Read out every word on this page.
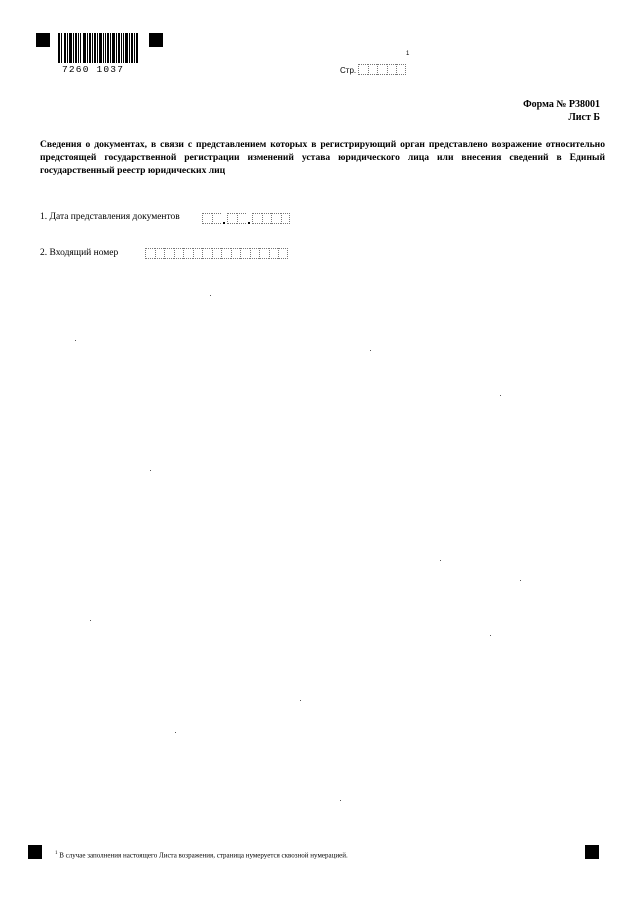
7260 1037	Стр.
1
Форма № Р38001
Лист Б
Сведения о документах, в связи с представлением которых в регистрирующий орган представлено возражение относительно предстоящей государственной регистрации изменений устава юридического лица или внесения сведений в Единый государственный реестр юридических лиц
1. Дата представления документов
2. Входящий номер
$^1$ В случае заполнения настоящего Листа возражения, страница нумеруется сквозной нумерацией.
